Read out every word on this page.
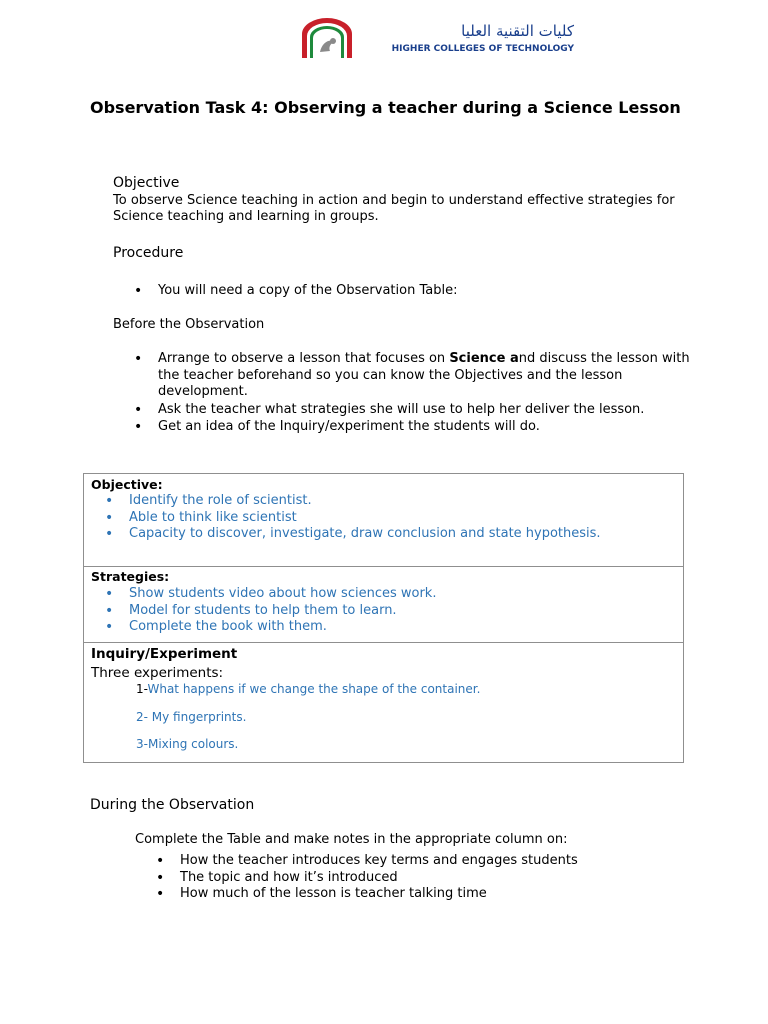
كليات التقنية العليا
HIGHER COLLEGES OF TECHNOLOGY
Observation Task 4: Observing a teacher during a Science Lesson
Objective
To observe Science teaching in action and begin to understand effective strategies for Science teaching and learning in groups.
Procedure
• You will need a copy of the Observation Table:
Before the Observation
• Arrange to observe a lesson that focuses on Science and discuss the lesson with the teacher beforehand so you can know the Objectives and the lesson development.
• Ask the teacher what strategies she will use to help her deliver the lesson.
• Get an idea of the Inquiry/experiment the students will do.
Objective:
• Identify the role of scientist.
• Able to think like scientist
• Capacity to discover, investigate, draw conclusion and state hypothesis.
Strategies:
• Show students video about how sciences work.
• Model for students to help them to learn.
• Complete the book with them.
Inquiry/Experiment
Three experiments:
1-What happens if we change the shape of the container.
2- My fingerprints.
3-Mixing colours.
During the Observation
Complete the Table and make notes in the appropriate column on:
• How the teacher introduces key terms and engages students
• The topic and how it’s introduced
• How much of the lesson is teacher talking time
